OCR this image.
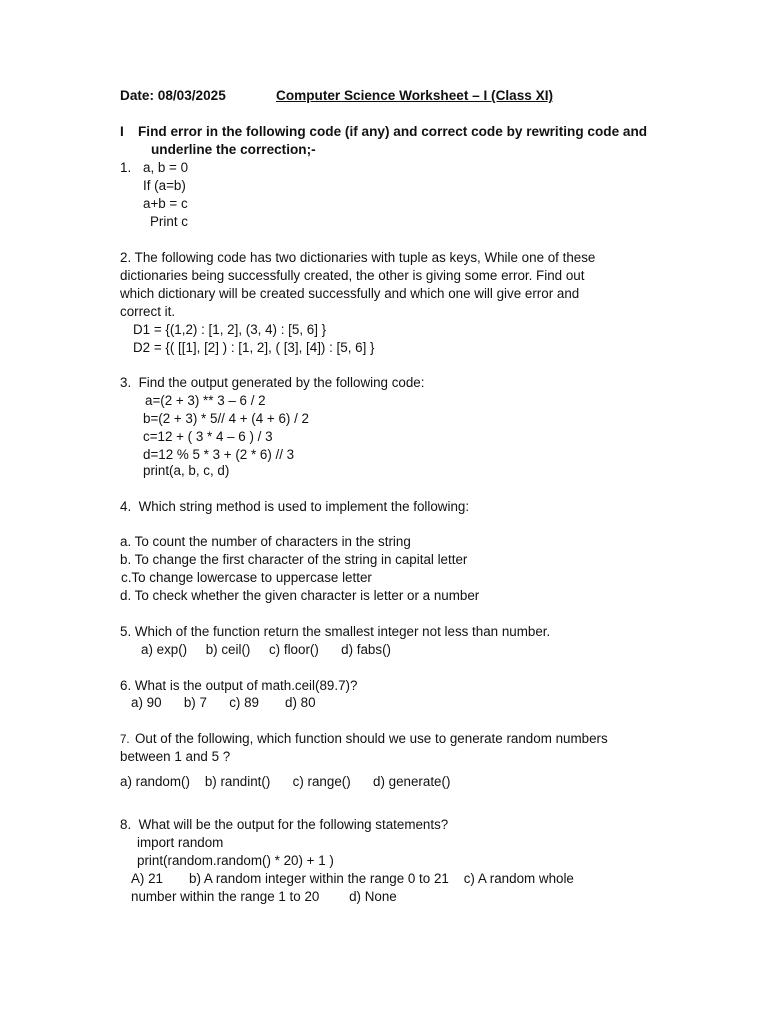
Date: 08/03/2025	Computer Science Worksheet – I (Class XI)
I Find error in the following code (if any) and correct code by rewriting code and
underline the correction;-
1. a, b = 0
If (a=b)
a+b = c
Print c
2. The following code has two dictionaries with tuple as keys, While one of these
dictionaries being successfully created, the other is giving some error. Find out
which dictionary will be created successfully and which one will give error and
correct it.
D1 = {(1,2) : [1, 2], (3, 4) : [5, 6] }
D2 = {( [[1], [2] ) : [1, 2], ( [3], [4]) : [5, 6] }
3.  Find the output generated by the following code:
a=(2 + 3) ** 3 – 6 / 2
b=(2 + 3) * 5// 4 + (4 + 6) / 2
c=12 + ( 3 * 4 – 6 ) / 3
d=12 % 5 * 3 + (2 * 6) // 3
print(a, b, c, d)
4.  Which string method is used to implement the following:
a. To count the number of characters in the string
b. To change the first character of the string in capital letter
c.To change lowercase to uppercase letter
d. To check whether the given character is letter or a number
5. Which of the function return the smallest integer not less than number.
a) exp()     b) ceil()     c) floor()      d) fabs()
6. What is the output of math.ceil(89.7)?
a) 90      b) 7      c) 89       d) 80
7. Out of the following, which function should we use to generate random numbers
between 1 and 5 ?
a) random()    b) randint()      c) range()      d) generate()
8.  What will be the output for the following statements?
import random
print(random.random() * 20) + 1 )
A) 21       b) A random integer within the range 0 to 21    c) A random whole
number within the range 1 to 20        d) None
